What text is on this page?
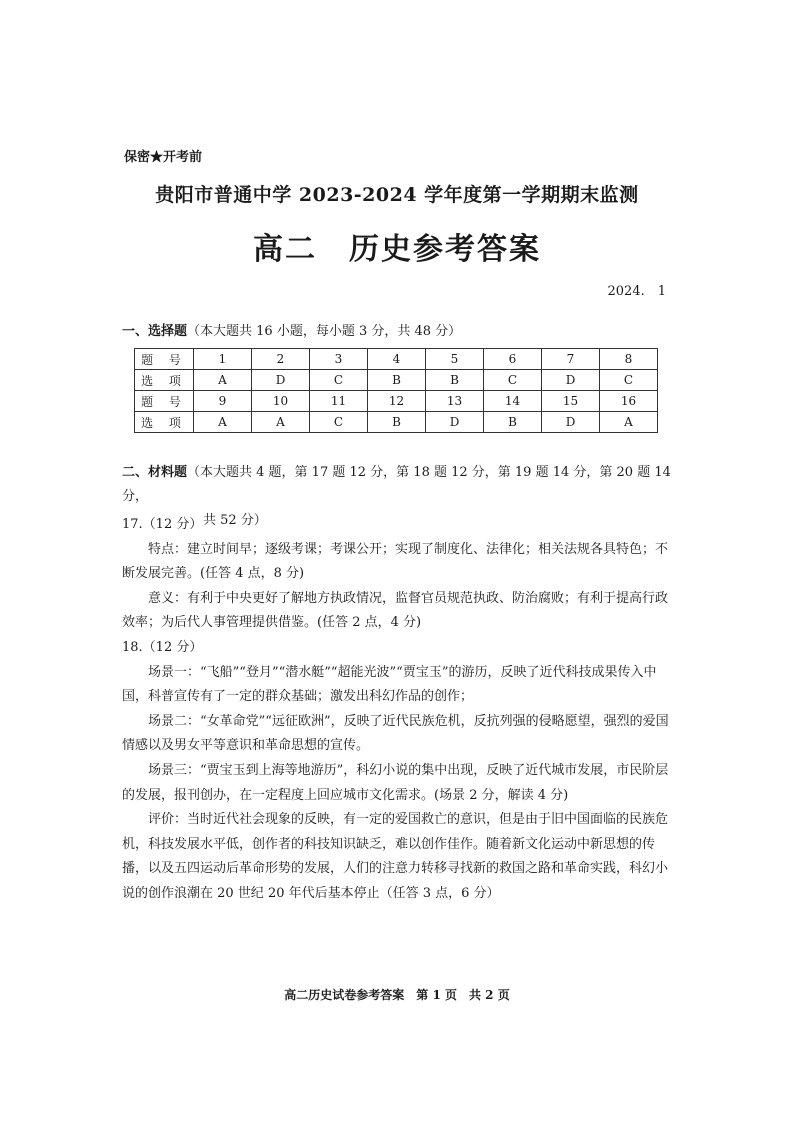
保密★开考前
贵阳市普通中学 2023-2024 学年度第一学期期末监测
高二　历史参考答案
2024.　1
一、选择题（本大题共 16 小题，每小题 3 分，共 48 分）
题 号	1	2	3	4	5	6	7	8
选 项	A	D	C	B	B	C	D	C
题 号	9	10	11	12	13	14	15	16
选 项	A	A	C	B	D	B	D	A
二、材料题（本大题共 4 题，第 17 题 12 分，第 18 题 12 分，第 19 题 14 分，第 20 题 14 分，
共 52 分）

17.（12 分）

特点：建立时间早；逐级考课；考课公开；实现了制度化、法律化；相关法规各具特色；不断发展完善。(任答 4 点，8 分)

意义：有利于中央更好了解地方执政情况，监督官员规范执政、防治腐败；有利于提高行政效率；为后代人事管理提供借鉴。(任答 2 点，4 分)

18.（12 分）

场景一：“飞船”“登月”“潜水艇”“超能光波”“贾宝玉”的游历，反映了近代科技成果传入中国，科普宣传有了一定的群众基础；激发出科幻作品的创作；

场景二：“女革命党”“远征欧洲”，反映了近代民族危机，反抗列强的侵略愿望，强烈的爱国情感以及男女平等意识和革命思想的宣传。

场景三：“贾宝玉到上海等地游历”，科幻小说的集中出现，反映了近代城市发展，市民阶层的发展，报刊创办，在一定程度上回应城市文化需求。(场景 2 分，解读 4 分)

评价：当时近代社会现象的反映，有一定的爱国救亡的意识，但是由于旧中国面临的民族危机，科技发展水平低，创作者的科技知识缺乏，难以创作佳作。随着新文化运动中新思想的传播，以及五四运动后革命形势的发展，人们的注意力转移寻找新的救国之路和革命实践，科幻小说的创作浪潮在 20 世纪 20 年代后基本停止（任答 3 点，6 分）

高二历史试卷参考答案　第 1 页　共 2 页
